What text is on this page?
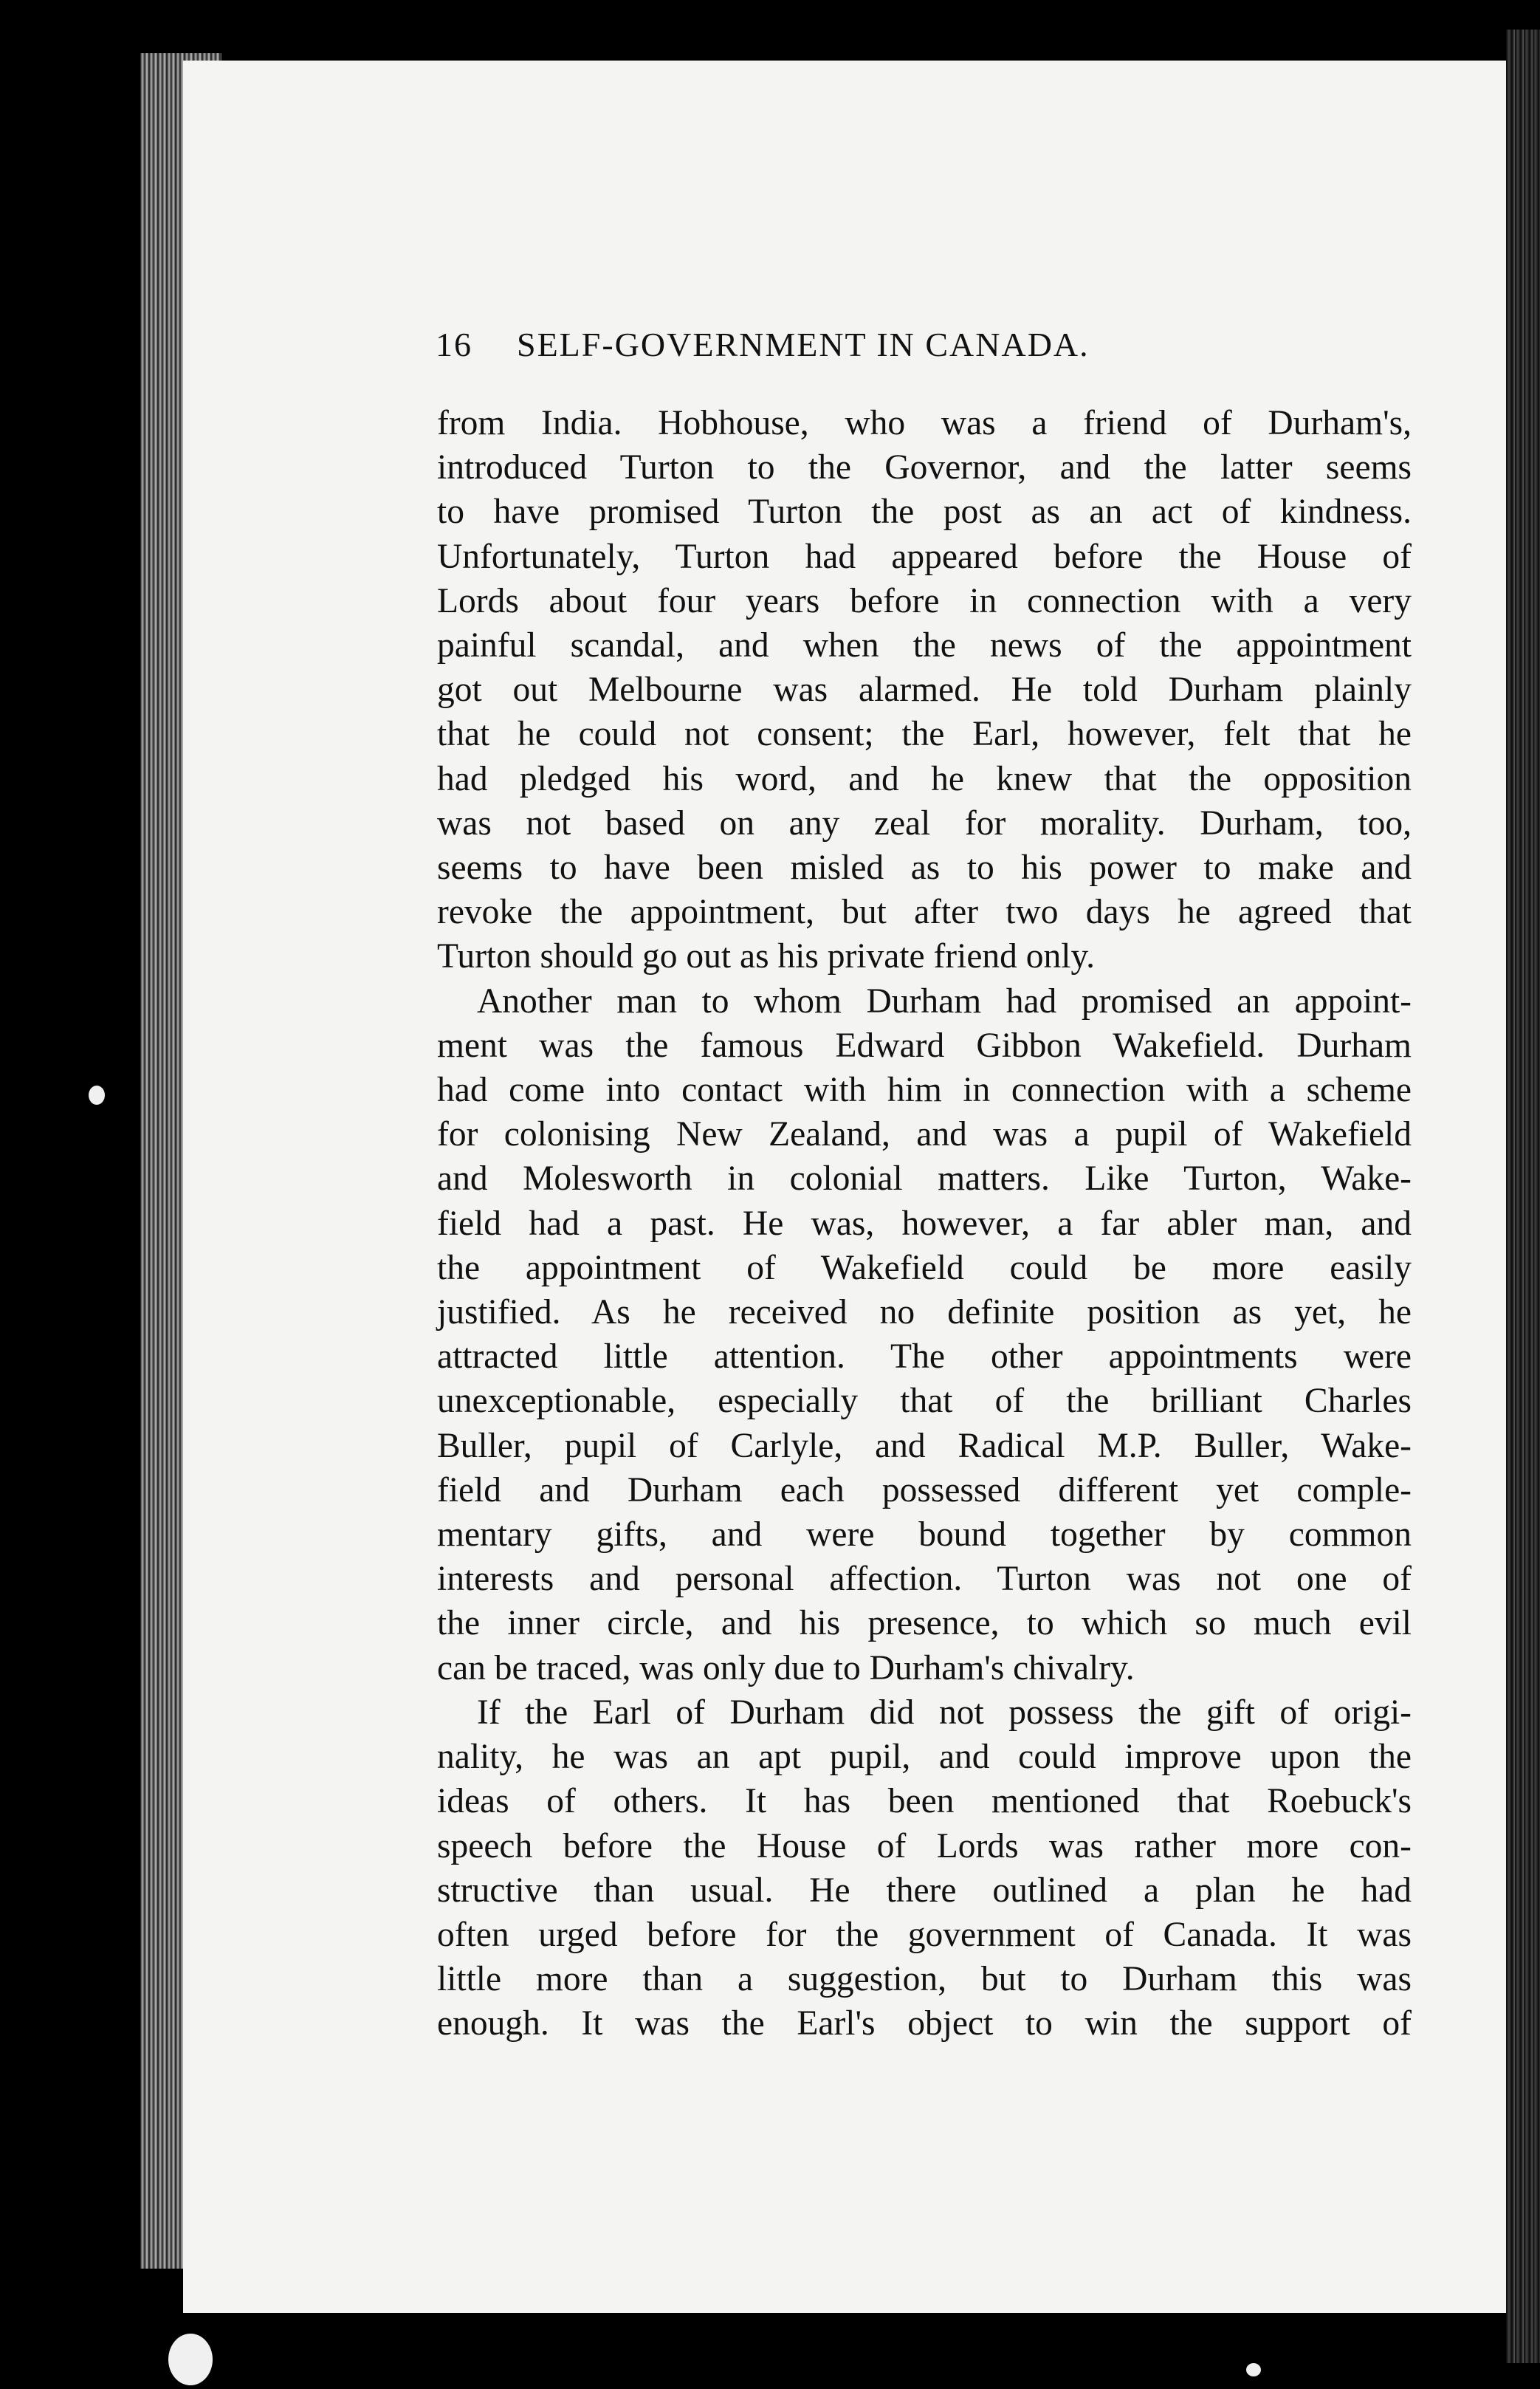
16 SELF-GOVERNMENT IN CANADA.
from India. Hobhouse, who was a friend of Durham's,
introduced Turton to the Governor, and the latter seems
to have promised Turton the post as an act of kindness.
Unfortunately, Turton had appeared before the House of
Lords about four years before in connection with a very
painful scandal, and when the news of the appointment
got out Melbourne was alarmed. He told Durham plainly
that he could not consent; the Earl, however, felt that he
had pledged his word, and he knew that the opposition
was not based on any zeal for morality. Durham, too,
seems to have been misled as to his power to make and
revoke the appointment, but after two days he agreed that
Turton should go out as his private friend only.
Another man to whom Durham had promised an appoint-
ment was the famous Edward Gibbon Wakefield. Durham
had come into contact with him in connection with a scheme
for colonising New Zealand, and was a pupil of Wakefield
and Molesworth in colonial matters. Like Turton, Wake-
field had a past. He was, however, a far abler man, and
the appointment of Wakefield could be more easily
justified. As he received no definite position as yet, he
attracted little attention. The other appointments were
unexceptionable, especially that of the brilliant Charles
Buller, pupil of Carlyle, and Radical M.P. Buller, Wake-
field and Durham each possessed different yet comple-
mentary gifts, and were bound together by common
interests and personal affection. Turton was not one of
the inner circle, and his presence, to which so much evil
can be traced, was only due to Durham's chivalry.
If the Earl of Durham did not possess the gift of origi-
nality, he was an apt pupil, and could improve upon the
ideas of others. It has been mentioned that Roebuck's
speech before the House of Lords was rather more con-
structive than usual. He there outlined a plan he had
often urged before for the government of Canada. It was
little more than a suggestion, but to Durham this was
enough. It was the Earl's object to win the support of
